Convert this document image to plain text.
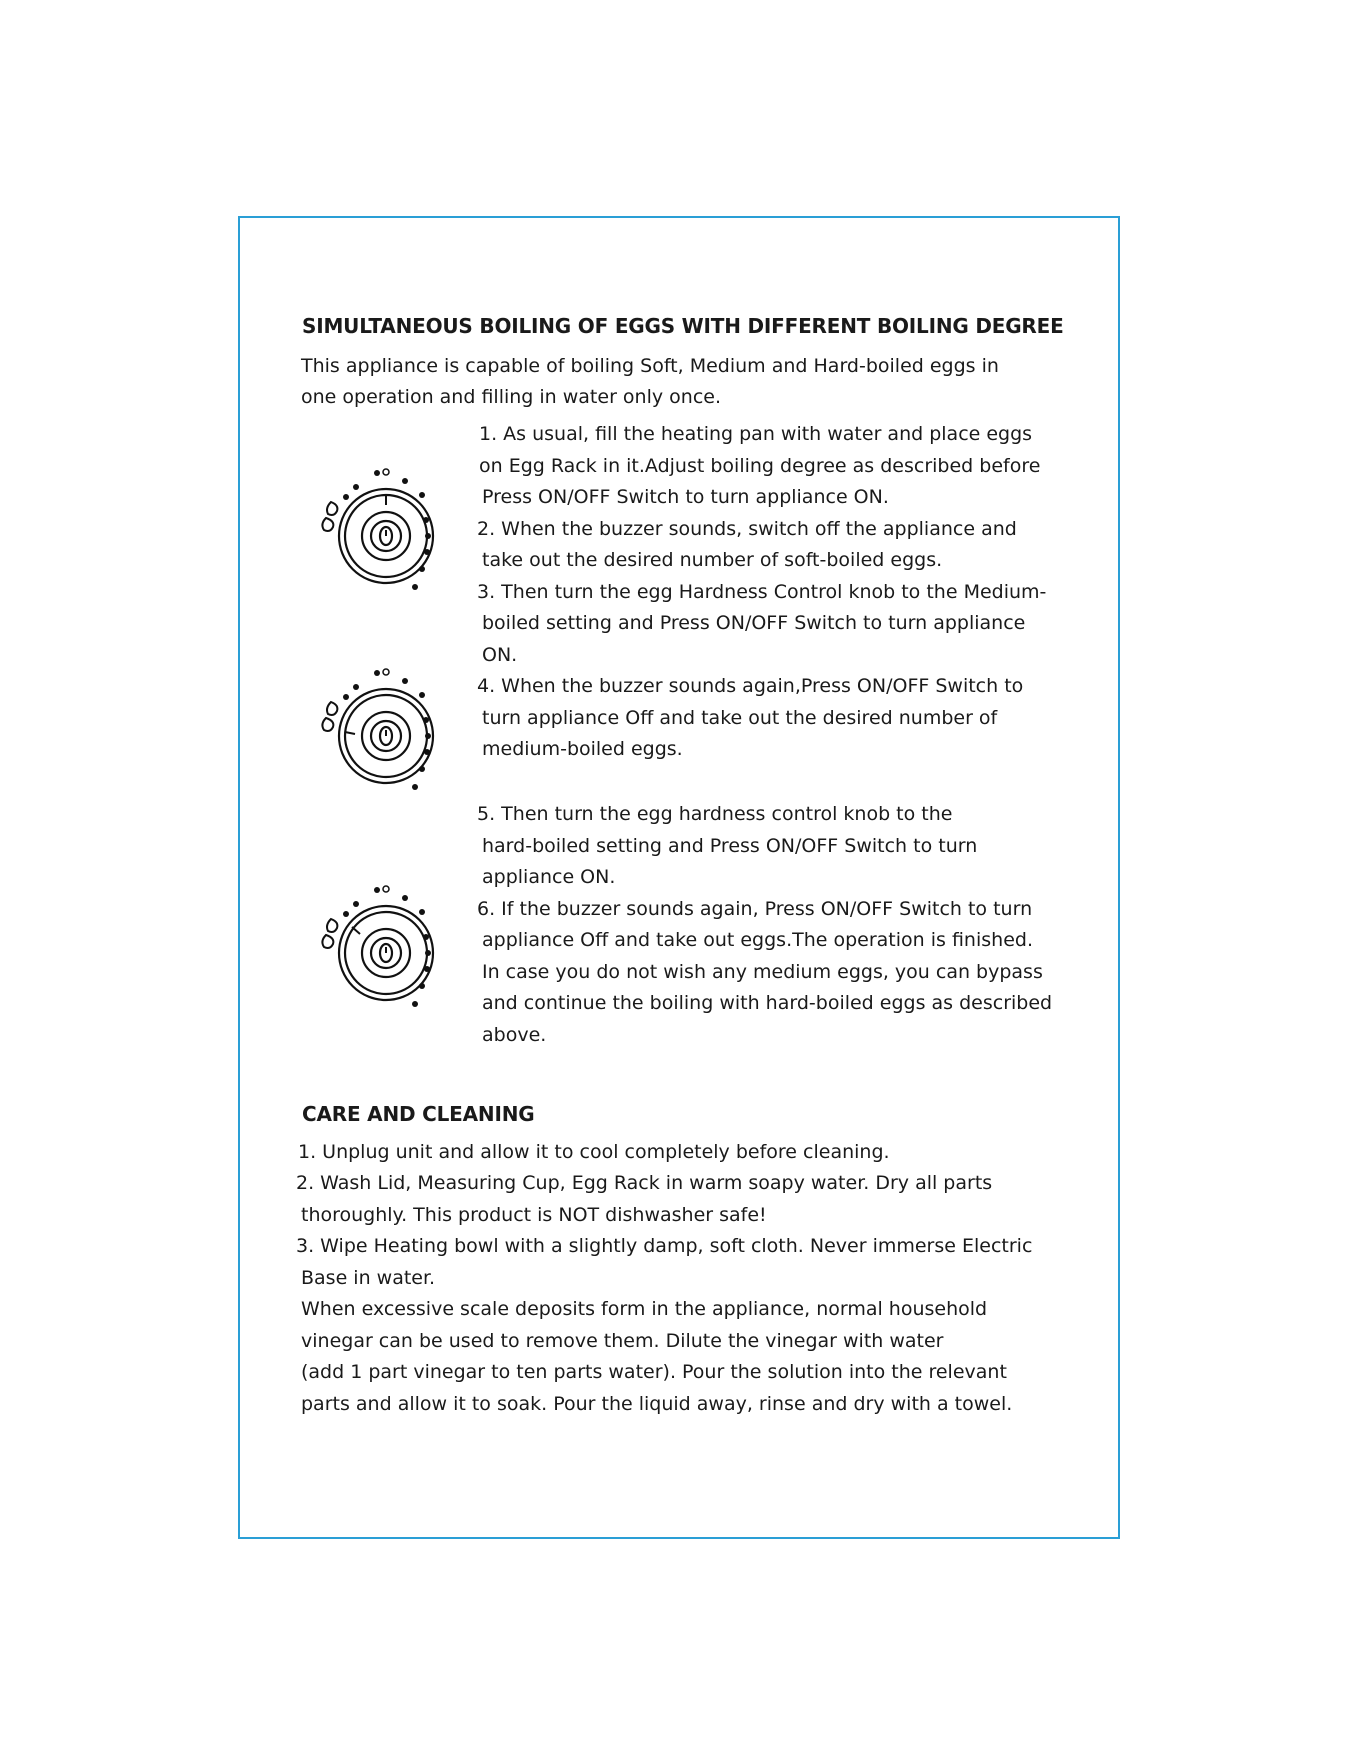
SIMULTANEOUS BOILING OF EGGS WITH DIFFERENT BOILING DEGREE
This appliance is capable of boiling Soft, Medium and Hard-boiled eggs in
one operation and filling in water only once.
1. As usual, fill the heating pan with water and place eggs
on Egg Rack in it.Adjust boiling degree as described before
Press ON/OFF Switch to turn appliance ON.
2. When the buzzer sounds, switch off the appliance and
take out the desired number of soft-boiled eggs.
3. Then turn the egg Hardness Control knob to the Medium-
boiled setting and Press ON/OFF Switch to turn appliance
ON.
4. When the buzzer sounds again,Press ON/OFF Switch to
turn appliance Off and take out the desired number of
medium-boiled eggs.
5. Then turn the egg hardness control knob to the
hard-boiled setting and Press ON/OFF Switch to turn
appliance ON.
6. If the buzzer sounds again, Press ON/OFF Switch to turn
appliance Off and take out eggs.The operation is finished.
In case you do not wish any medium eggs, you can bypass
and continue the boiling with hard-boiled eggs as described
above.
CARE AND CLEANING
1. Unplug unit and allow it to cool completely before cleaning.
2. Wash Lid, Measuring Cup, Egg Rack in warm soapy water. Dry all parts
thoroughly. This product is NOT dishwasher safe!
3. Wipe Heating bowl with a slightly damp, soft cloth. Never immerse Electric
Base in water.
When excessive scale deposits form in the appliance, normal household
vinegar can be used to remove them. Dilute the vinegar with water
(add 1 part vinegar to ten parts water). Pour the solution into the relevant
parts and allow it to soak. Pour the liquid away, rinse and dry with a towel.
